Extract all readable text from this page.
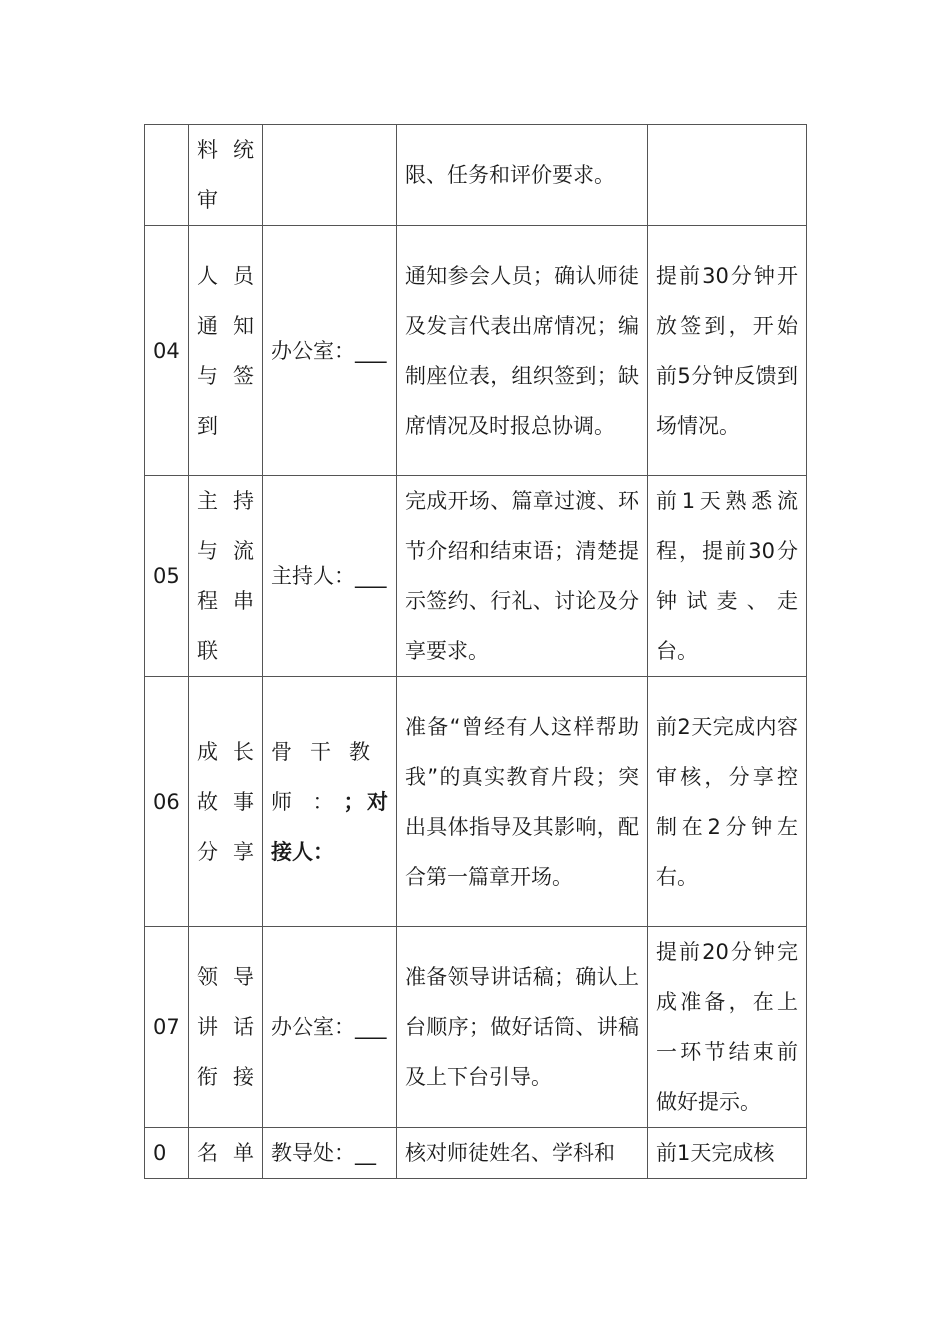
	料统审		限、任务和评价要求。	
04	人员通知与签到	办公室：___	通知参会人员；确认师徒及发言代表出席情况；编制座位表，组织签到；缺席情况及时报总协调。	提前30分钟开放签到，开始前5分钟反馈到场情况。
05	主持与流程串联	主持人：___	完成开场、篇章过渡、环节介绍和结束语；清楚提示签约、行礼、讨论及分享要求。	前1天熟悉流程，提前30分钟试麦、走台。
06	成长故事分享	骨干教师：；对接人：	准备“曾经有人这样帮助我”的真实教育片段；突出具体指导及其影响，配合第一篇章开场。	前2天完成内容审核，分享控制在2分钟左右。
07	领导讲话衔接	办公室：___	准备领导讲话稿；确认上台顺序；做好话筒、讲稿及上下台引导。	提前20分钟完成准备，在上一环节结束前做好提示。
0	名单	教导处：__	核对师徒姓名、学科和	前1天完成核
